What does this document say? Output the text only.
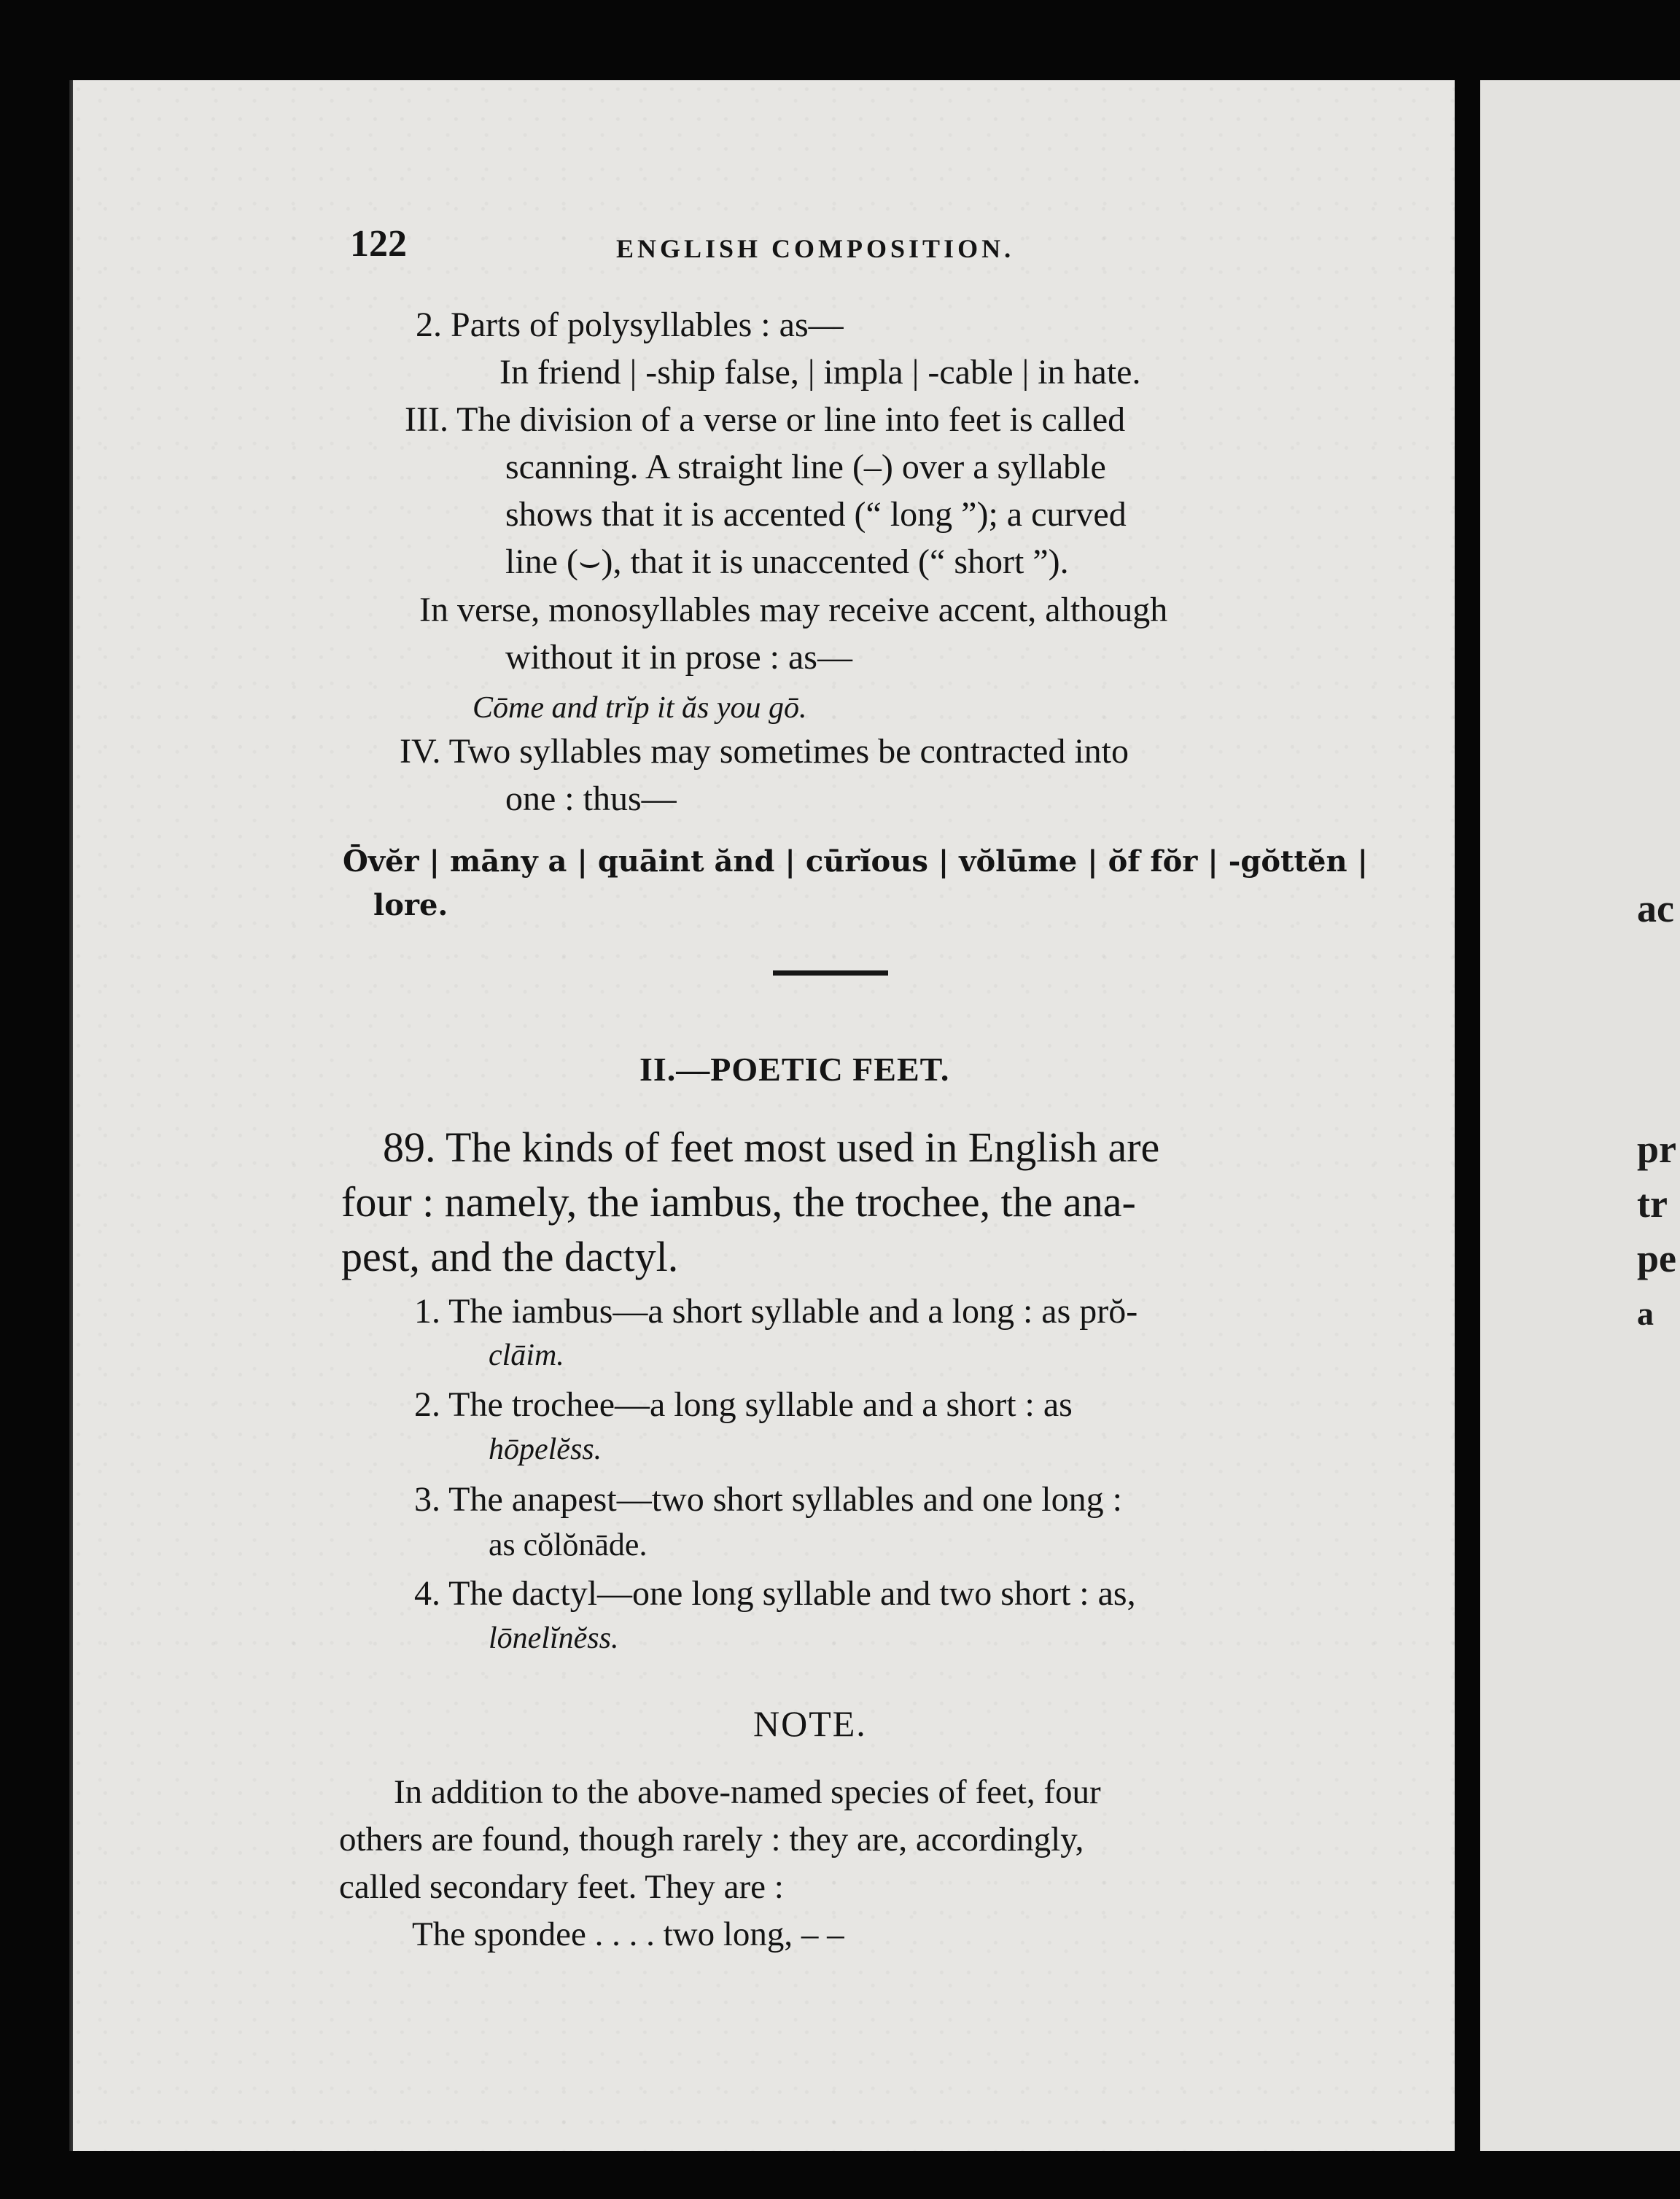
122	ENGLISH COMPOSITION.
2. Parts of polysyllables : as—
In friend | -ship false, | impla | -cable | in hate.
III. The division of a verse or line into feet is called
scanning. A straight line (–) over a syllable
shows that it is accented (“ long ”); a curved
line (⌣), that it is unaccented (“ short ”).
In verse, monosyllables may receive accent, although
without it in prose : as—
Cōme and trĭp it ăs you gō.
IV. Two syllables may sometimes be contracted into
one : thus—
Ōvĕr | māny a | quāint ănd | cūrĭous | vŏlūme | ŏf fŏr | -gŏttĕn |
lore.
II.—POETIC FEET.
89. The kinds of feet most used in English are
four : namely, the iambus, the trochee, the ana-
pest, and the dactyl.
1. The iambus—a short syllable and a long : as prŏ-
clāim.
2. The trochee—a long syllable and a short : as
hōpelĕss.
3. The anapest—two short syllables and one long :
as cŏlŏnāde.
4. The dactyl—one long syllable and two short : as,
lōnelĭnĕss.
NOTE.
In addition to the above-named species of feet, four
others are found, though rarely : they are, accordingly,
called secondary feet. They are :
The spondee . . . . two long, – –
ac
pr
tr
pe
a
